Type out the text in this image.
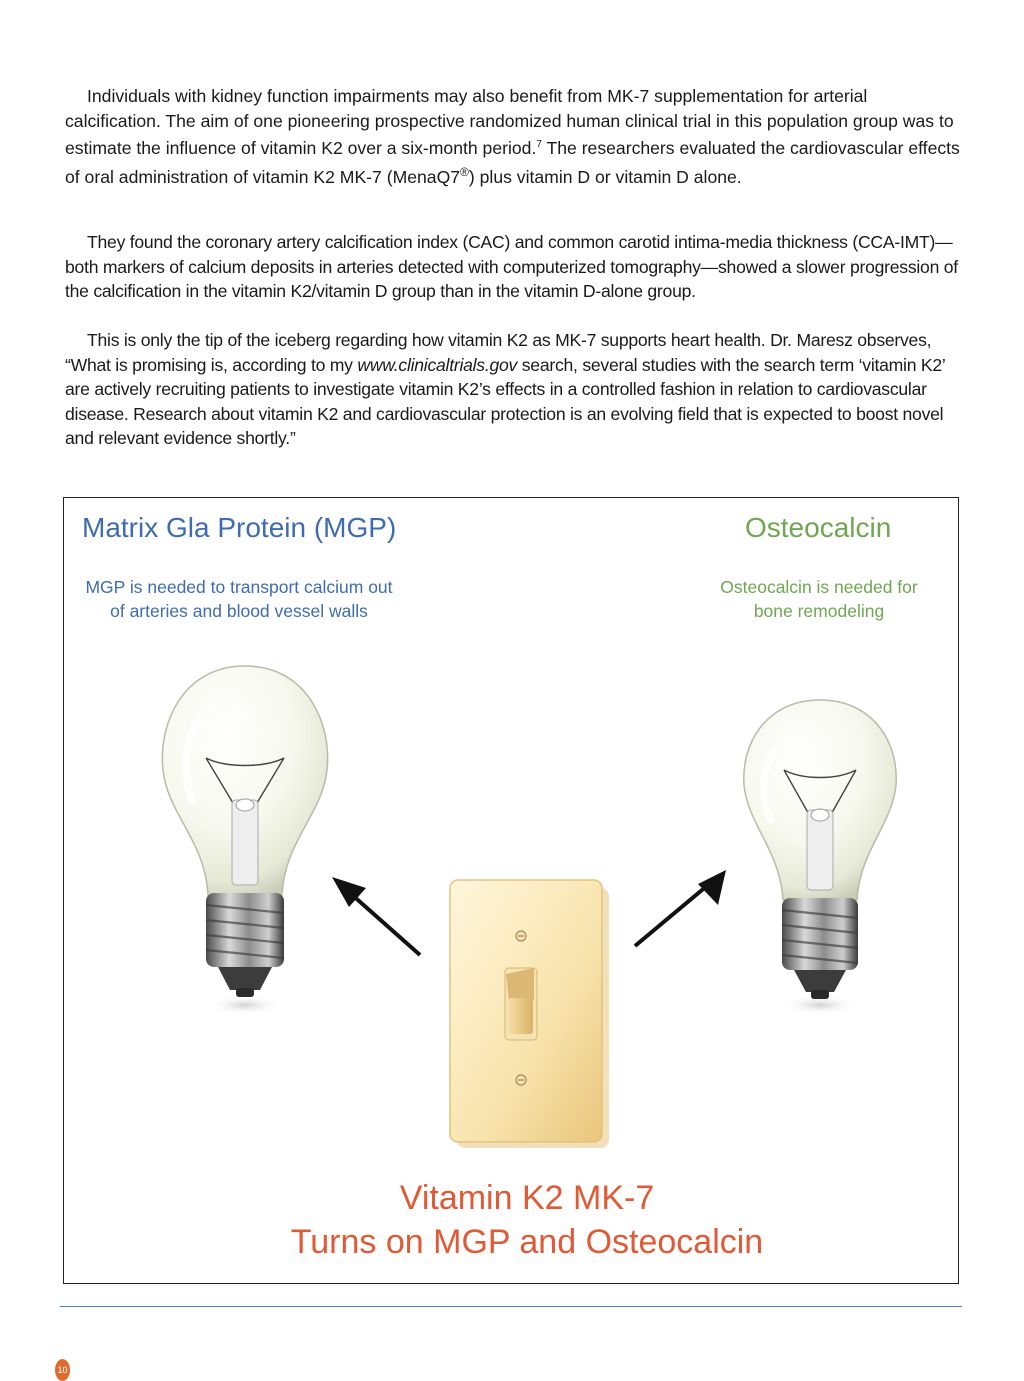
Individuals with kidney function impairments may also benefit from MK-7 supplementation for arterial calcification. The aim of one pioneering prospective randomized human clinical trial in this population group was to estimate the influence of vitamin K2 over a six-month period.$^7$ The researchers evaluated the cardiovascular effects of oral administration of vitamin K2 MK-7 (MenaQ7®) plus vitamin D or vitamin D alone.

They found the coronary artery calcification index (CAC) and common carotid intima-media thickness (CCA-IMT)—both markers of calcium deposits in arteries detected with computerized tomography—showed a slower progression of the calcification in the vitamin K2/vitamin D group than in the vitamin D-alone group.

This is only the tip of the iceberg regarding how vitamin K2 as MK-7 supports heart health. Dr. Maresz observes, “What is promising is, according to my www.clinicaltrials.gov search, several studies with the search term ‘vitamin K2’ are actively recruiting patients to investigate vitamin K2’s effects in a controlled fashion in relation to cardiovascular disease. Research about vitamin K2 and cardiovascular protection is an evolving field that is expected to boost novel and relevant evidence shortly.”

Matrix Gla Protein (MGP)
MGP is needed to transport calcium out of arteries and blood vessel walls
Osteocalcin
Osteocalcin is needed for bone remodeling
Vitamin K2 MK-7
Turns on MGP and Osteocalcin
10
